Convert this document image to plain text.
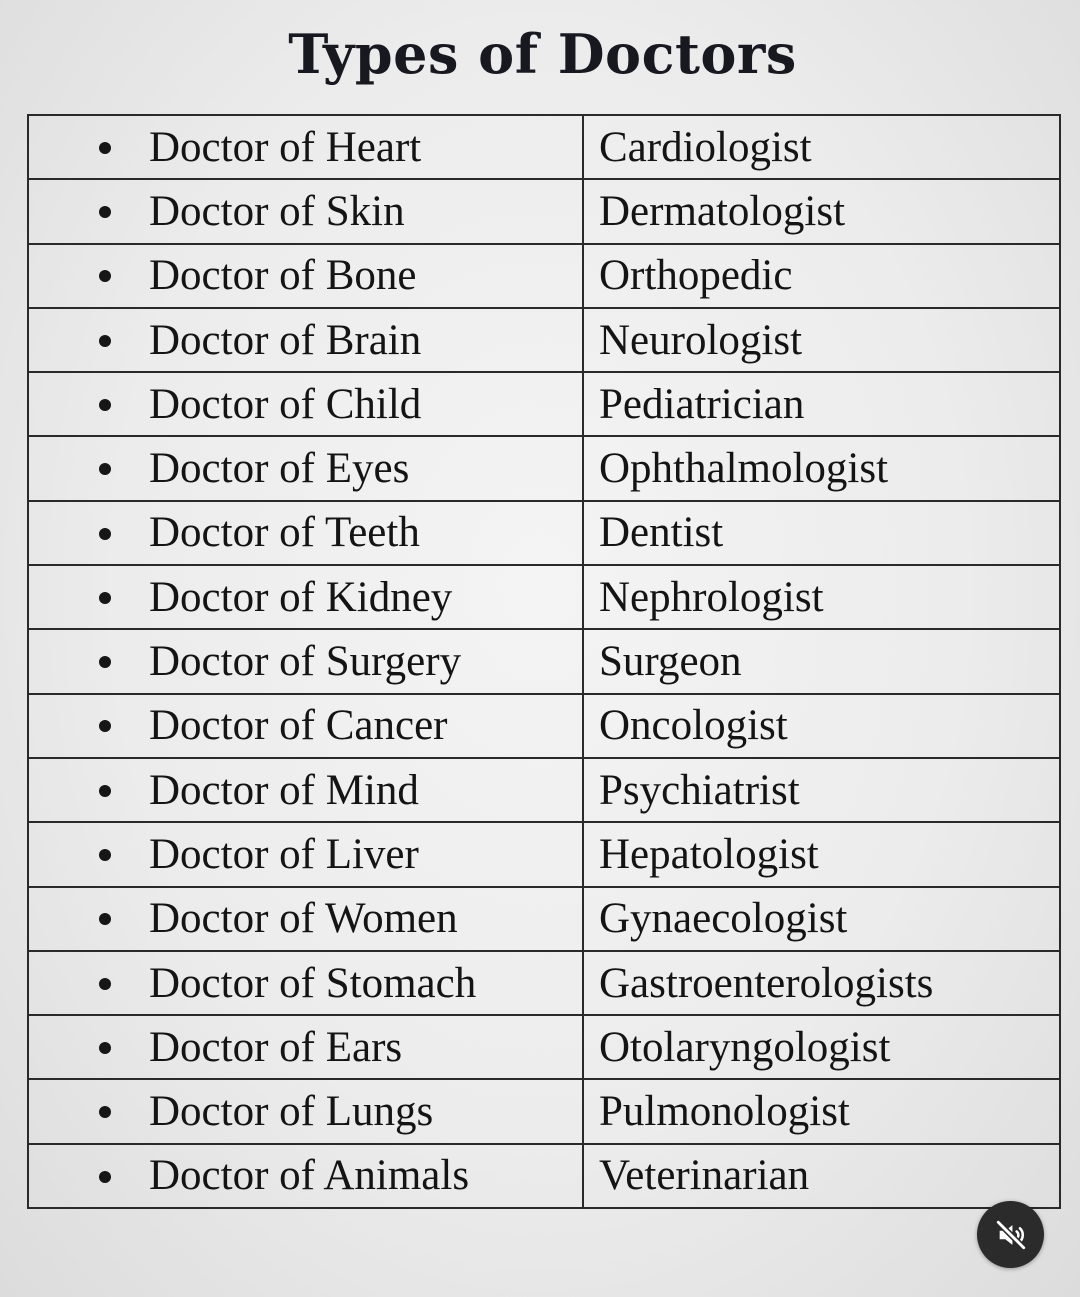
Types of Doctors
Doctor of Heart	Cardiologist
Doctor of Skin	Dermatologist
Doctor of Bone	Orthopedic
Doctor of Brain	Neurologist
Doctor of Child	Pediatrician
Doctor of Eyes	Ophthalmologist
Doctor of Teeth	Dentist
Doctor of Kidney	Nephrologist
Doctor of Surgery	Surgeon
Doctor of Cancer	Oncologist
Doctor of Mind	Psychiatrist
Doctor of Liver	Hepatologist
Doctor of Women	Gynaecologist
Doctor of Stomach	Gastroenterologists
Doctor of Ears	Otolaryngologist
Doctor of Lungs	Pulmonologist
Doctor of Animals	Veterinarian
